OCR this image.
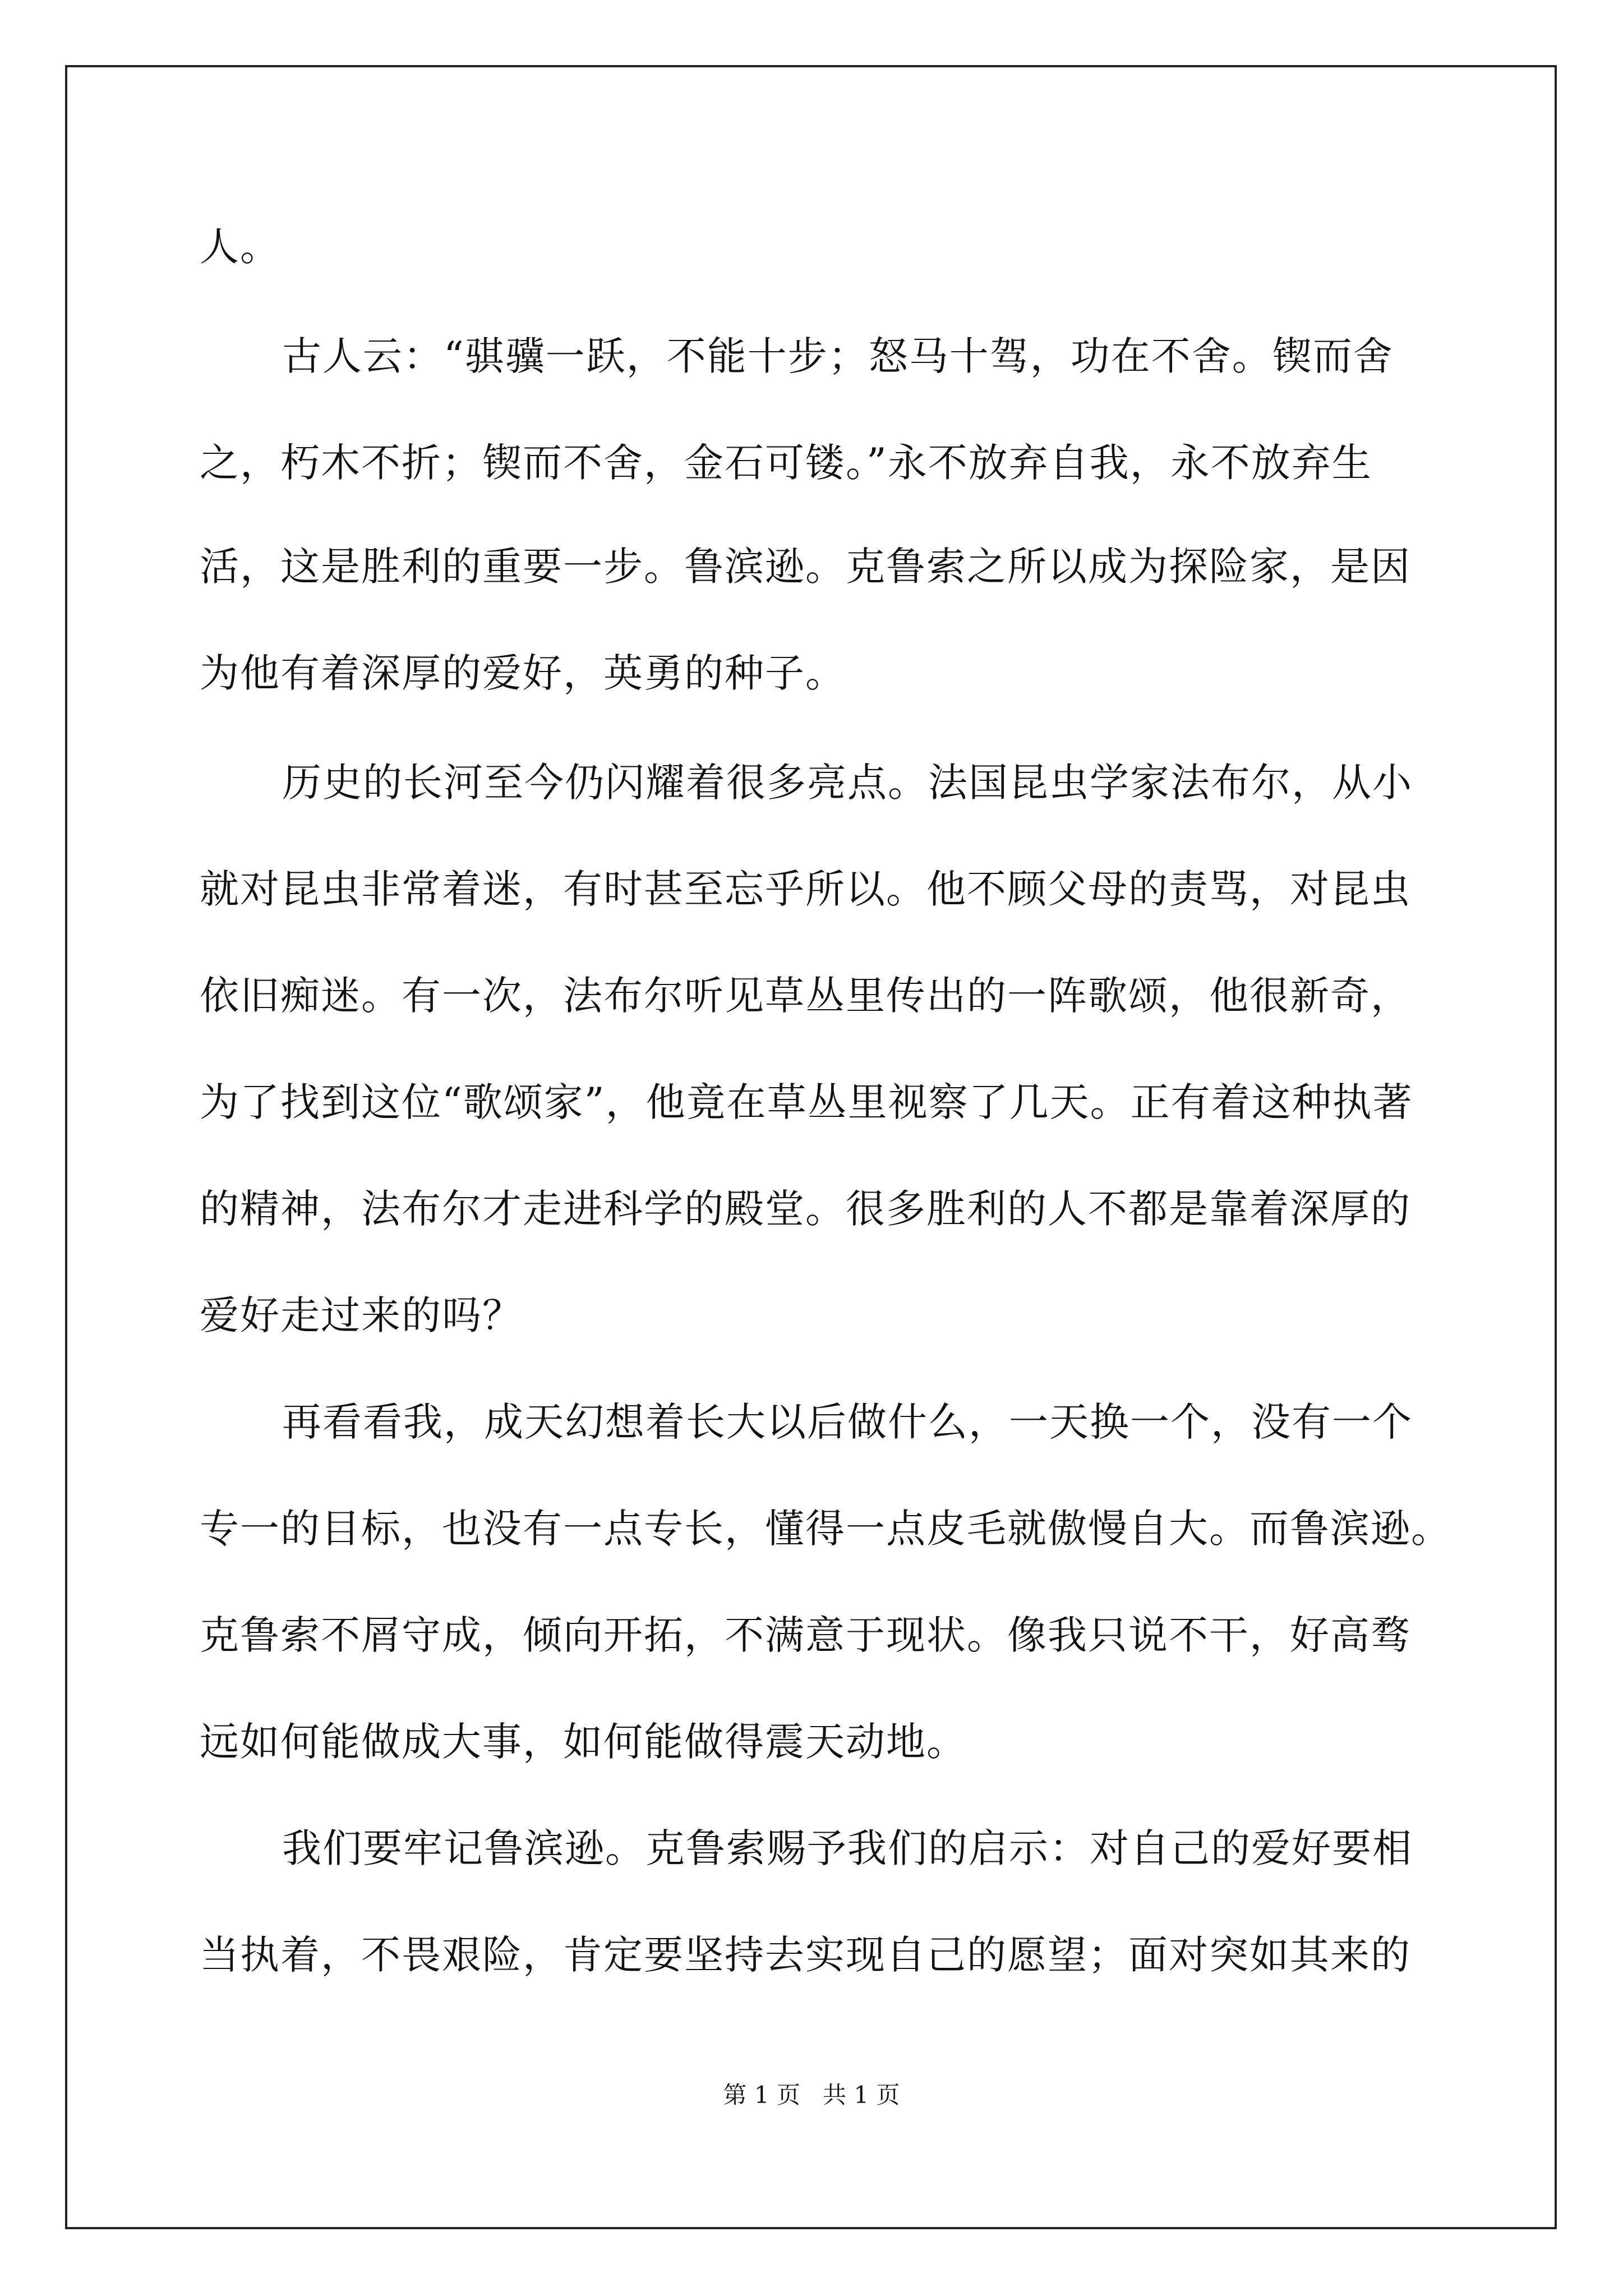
人。
古人云：“骐骥一跃，不能十步；怒马十驾，功在不舍。锲而舍
之，朽木不折；锲而不舍，金石可镂。”永不放弃自我，永不放弃生
活，这是胜利的重要一步。鲁滨逊。克鲁索之所以成为探险家，是因
为他有着深厚的爱好，英勇的种子。
历史的长河至今仍闪耀着很多亮点。法国昆虫学家法布尔，从小
就对昆虫非常着迷，有时甚至忘乎所以。他不顾父母的责骂，对昆虫
依旧痴迷。有一次，法布尔听见草丛里传出的一阵歌颂，他很新奇，
为了找到这位“歌颂家”，他竟在草丛里视察了几天。正有着这种执著
的精神，法布尔才走进科学的殿堂。很多胜利的人不都是靠着深厚的
爱好走过来的吗？
再看看我，成天幻想着长大以后做什么，一天换一个，没有一个
专一的目标，也没有一点专长，懂得一点皮毛就傲慢自大。而鲁滨逊。
克鲁索不屑守成，倾向开拓，不满意于现状。像我只说不干，好高骛
远如何能做成大事，如何能做得震天动地。
我们要牢记鲁滨逊。克鲁索赐予我们的启示：对自己的爱好要相
当执着，不畏艰险，肯定要坚持去实现自己的愿望；面对突如其来的
第 1 页   共 1 页
